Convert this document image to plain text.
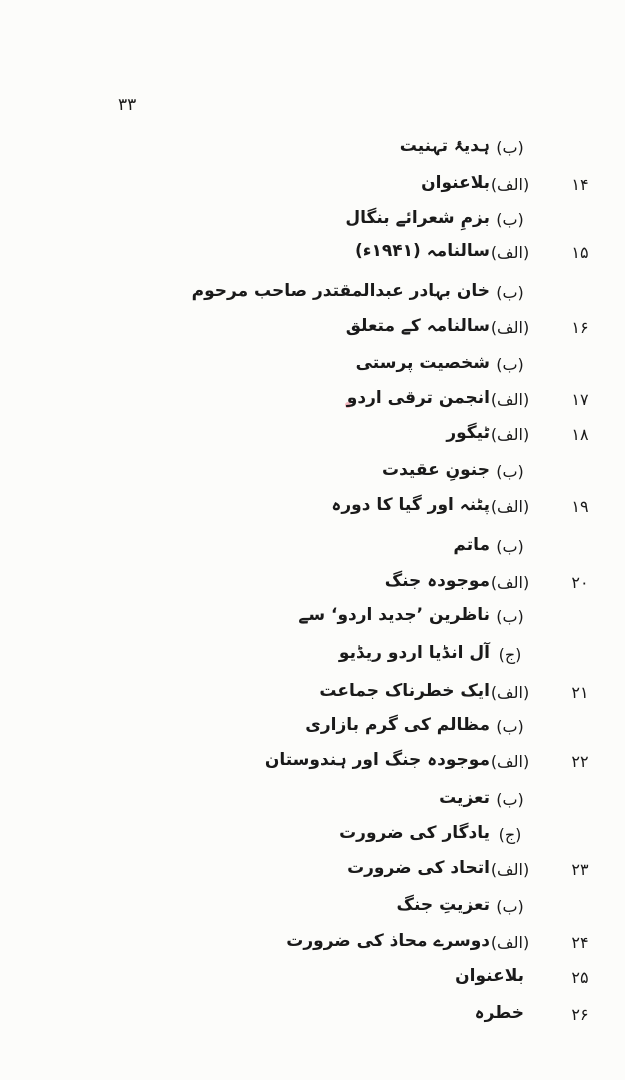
۳۳
(ب)
ہدیۂ تہنیت
۱۴
(الف)
بلاعنوان
(ب)
بزمِ شعرائے بنگال
۱۵
(الف)
سالنامہ (۱۹۴۱ء)
(ب)
خان بہادر عبدالمقتدر صاحب مرحوم
۱۶
(الف)
سالنامہ کے متعلق
(ب)
شخصیت پرستی
۱۷
(الف)
انجمن ترقی اردو
۱۸
(الف)
ٹیگور
(ب)
جنونِ عقیدت
۱۹
(الف)
پٹنہ اور گیا کا دورہ
(ب)
ماتم
۲۰
(الف)
موجودہ جنگ
(ب)
ناظرین ’جدید اردو‘ سے
(ج)
آل انڈیا اردو ریڈیو
۲۱
(الف)
ایک خطرناک جماعت
(ب)
مظالم کی گرم بازاری
۲۲
(الف)
موجودہ جنگ اور ہندوستان
(ب)
تعزیت
(ج)
یادگار کی ضرورت
۲۳
(الف)
اتحاد کی ضرورت
(ب)
تعزیتِ جنگ
۲۴
(الف)
دوسرے محاذ کی ضرورت
۲۵
بلاعنوان
۲۶
خطرہ
